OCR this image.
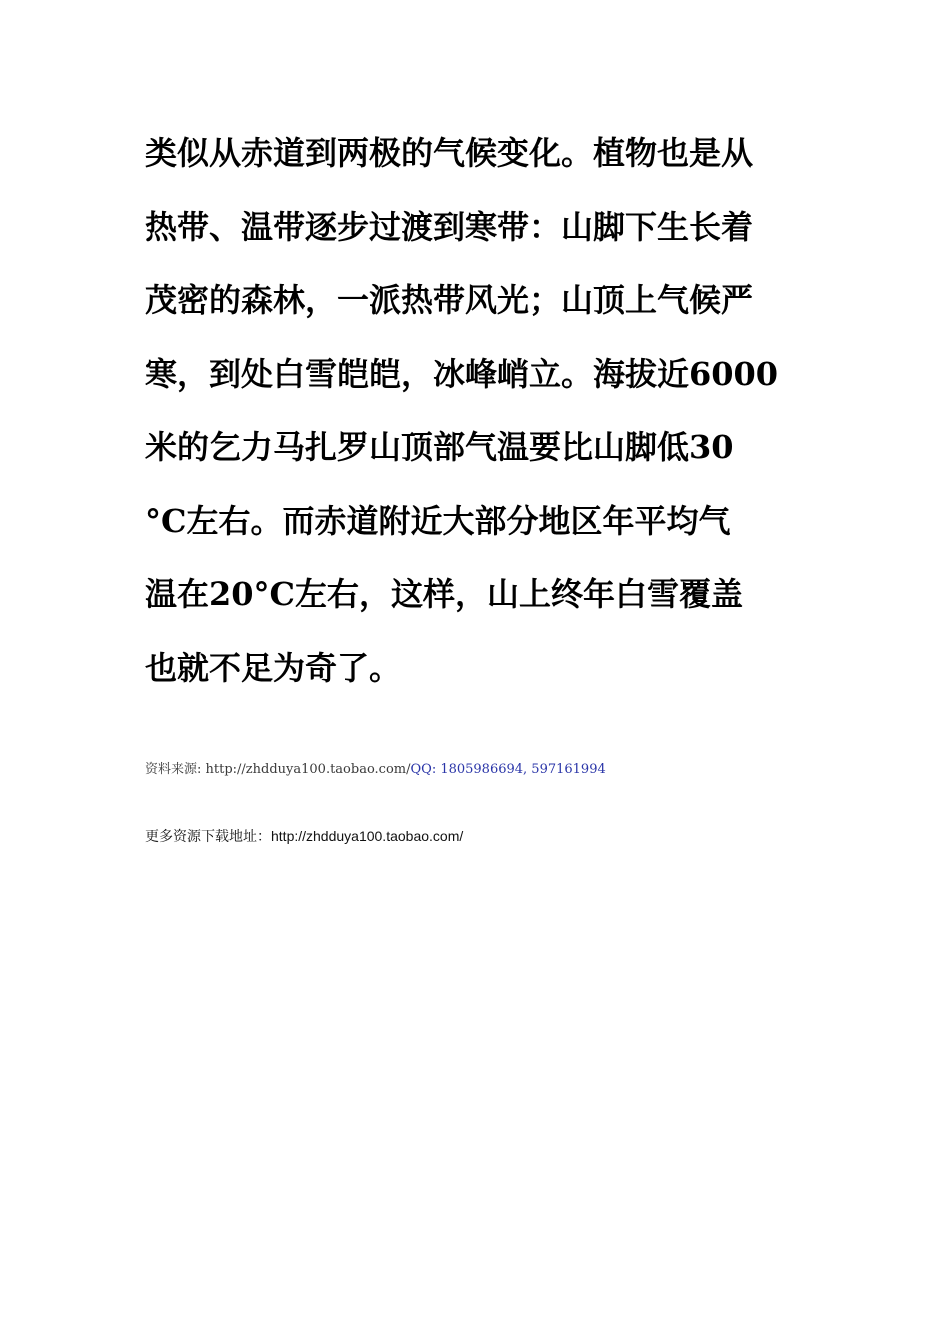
类似从赤道到两极的气候变化。植物也是从
热带、温带逐步过渡到寒带：山脚下生长着
茂密的森林，一派热带风光；山顶上气候严
寒，到处白雪皑皑，冰峰峭立。海拔近6000
米的乞力马扎罗山顶部气温要比山脚低30
°C左右。而赤道附近大部分地区年平均气
温在20°C左右，这样，山上终年白雪覆盖
也就不足为奇了。
资料来源: http://zhdduya100.taobao.com/QQ: 1805986694, 597161994
更多资源下载地址：http://zhdduya100.taobao.com/
